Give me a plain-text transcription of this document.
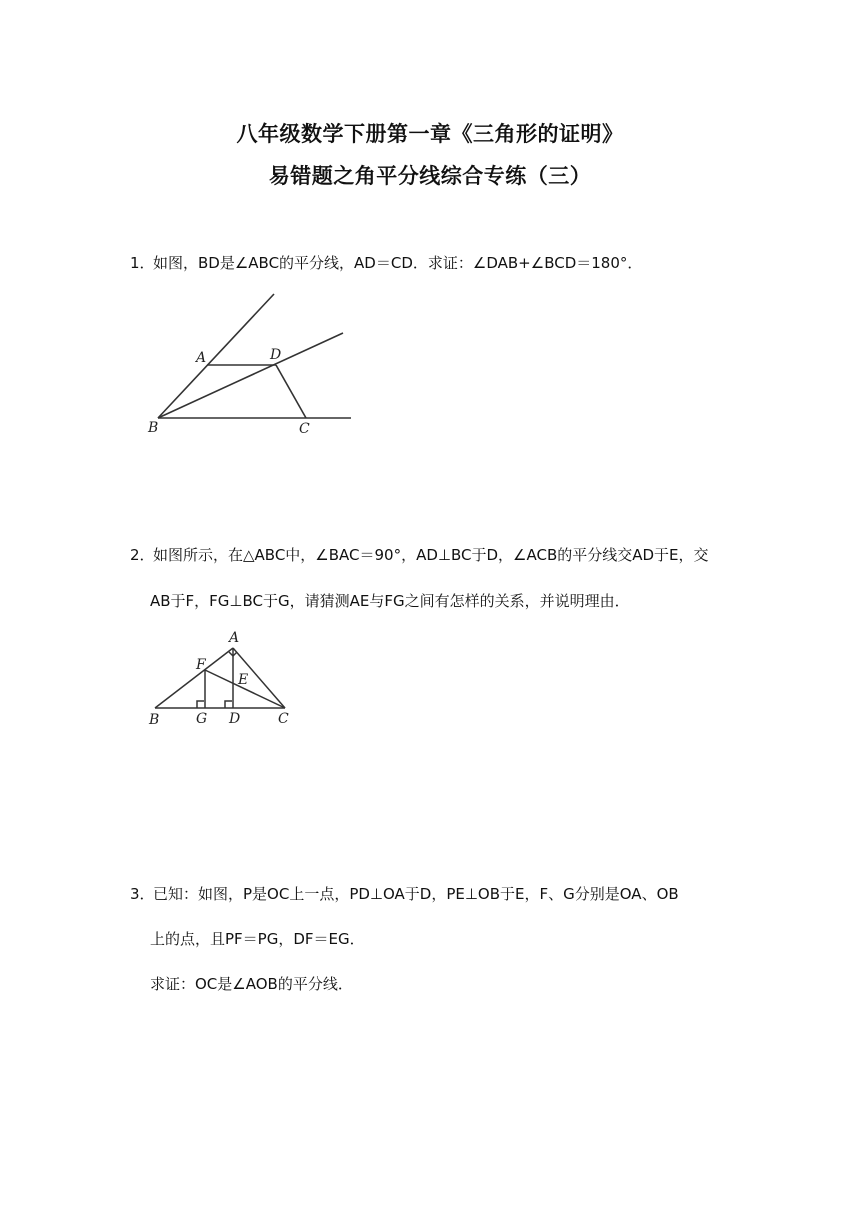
八年级数学下册第一章《三角形的证明》
易错题之角平分线综合专练（三）
1．
如图，BD是∠ABC的平分线，AD＝CD．求证：∠DAB+∠BCD＝180°．
A	D
B	C
2．
如图所示，在△ABC中，∠BAC＝90°，AD⊥BC于D，∠ACB的平分线交AD于E，交
AB于F，FG⊥BC于G，请猜测AE与FG之间有怎样的关系，并说明理由．
A
F
E
B	G D	C
3．
已知：如图，P是OC上一点，PD⊥OA于D，PE⊥OB于E，F、G分别是OA、OB
上的点，且PF＝PG，DF＝EG．
求证：OC是∠AOB的平分线．
